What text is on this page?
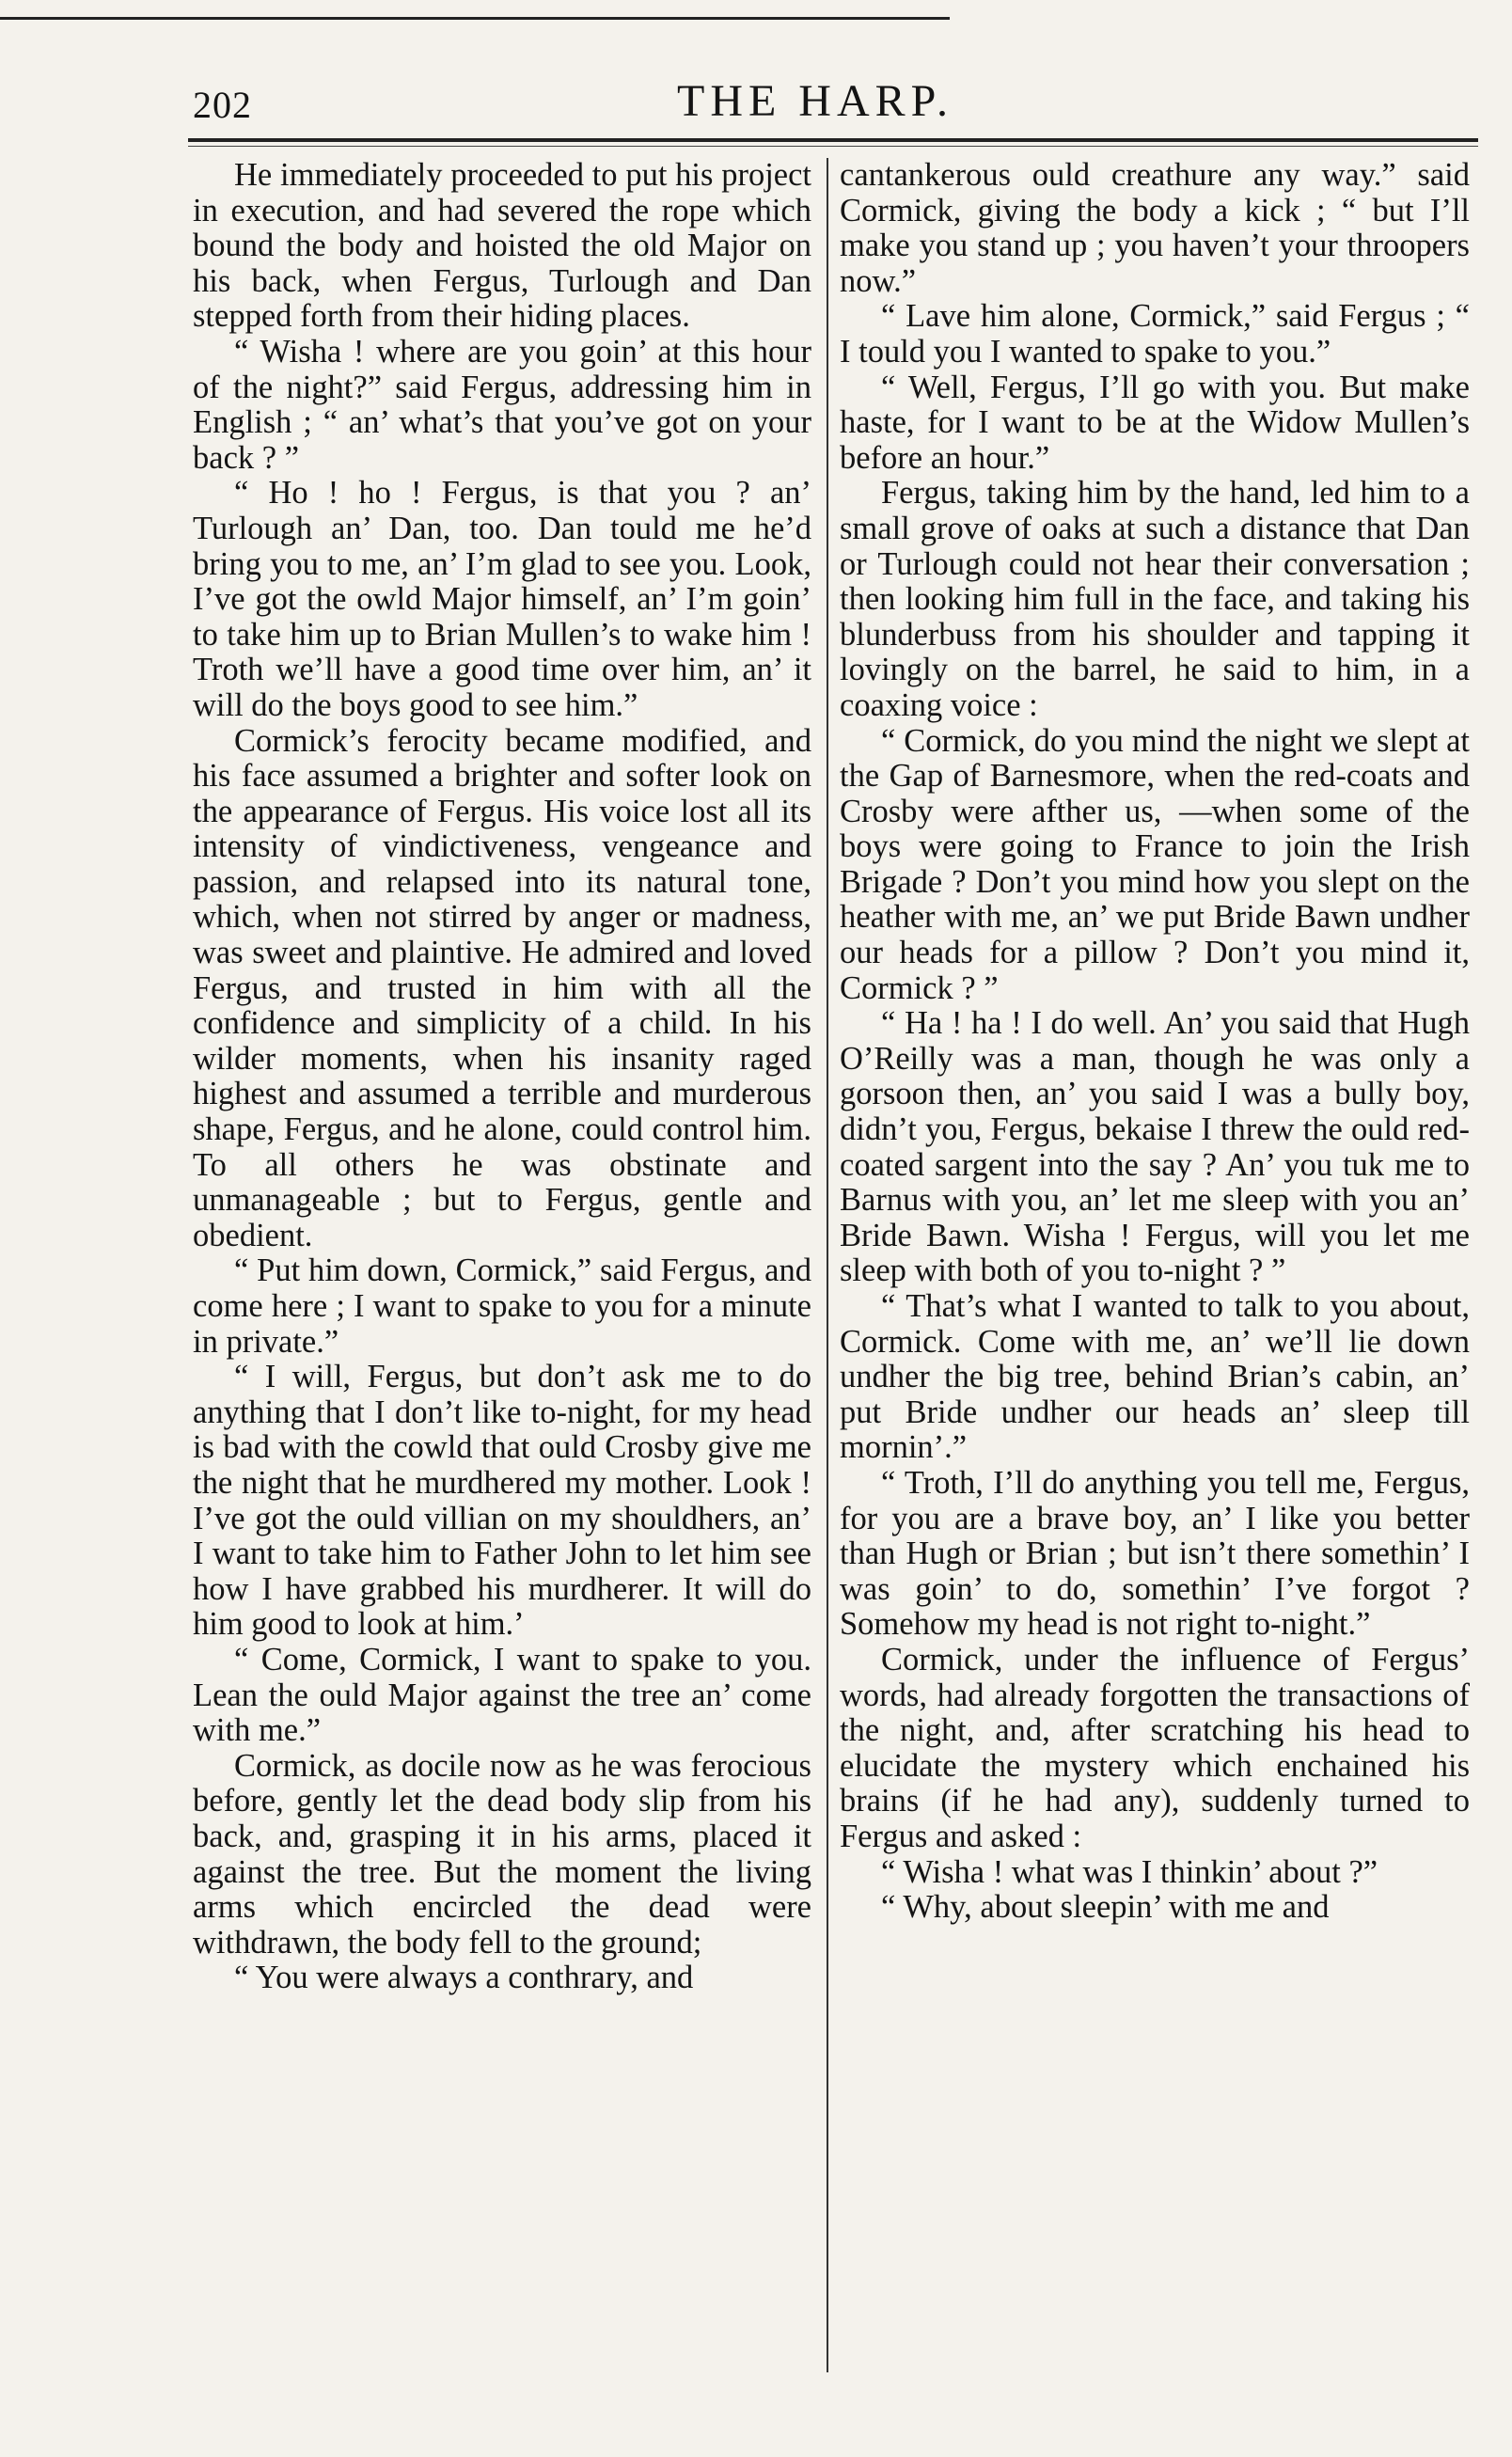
202	THE HARP.

He immediately proceeded to put his project in execution, and had severed the rope which bound the body and hoisted the old Major on his back, when Fergus, Turlough and Dan stepped forth from their hiding places.

“ Wisha ! where are you goin’ at this hour of the night?” said Fergus, addressing him in English ; “ an’ what’s that you’ve got on your back ? ”

“ Ho ! ho ! Fergus, is that you ? an’ Turlough an’ Dan, too. Dan tould me he’d bring you to me, an’ I’m glad to see you. Look, I’ve got the owld Major himself, an’ I’m goin’ to take him up to Brian Mullen’s to wake him ! Troth we’ll have a good time over him, an’ it will do the boys good to see him.”

Cormick’s ferocity became modified, and his face assumed a brighter and softer look on the appearance of Fergus. His voice lost all its intensity of vindictiveness, vengeance and passion, and relapsed into its natural tone, which, when not stirred by anger or madness, was sweet and plaintive. He admired and loved Fergus, and trusted in him with all the confidence and simplicity of a child. In his wilder moments, when his insanity raged highest and assumed a terrible and murderous shape, Fergus, and he alone, could control him. To all others he was obstinate and unmanageable ; but to Fergus, gentle and obedient.

“ Put him down, Cormick,” said Fergus, and come here ; I want to spake to you for a minute in private.”

“ I will, Fergus, but don’t ask me to do anything that I don’t like to-night, for my head is bad with the cowld that ould Crosby give me the night that he murdhered my mother. Look ! I’ve got the ould villian on my shouldhers, an’ I want to take him to Father John to let him see how I have grabbed his murdherer. It will do him good to look at him.’

“ Come, Cormick, I want to spake to you. Lean the ould Major against the tree an’ come with me.”

Cormick, as docile now as he was ferocious before, gently let the dead body slip from his back, and, grasping it in his arms, placed it against the tree. But the moment the living arms which encircled the dead were withdrawn, the body fell to the ground;

“ You were always a conthrary, and

cantankerous ould creathure any way.” said Cormick, giving the body a kick ; “ but I’ll make you stand up ; you haven’t your throopers now.”

“ Lave him alone, Cormick,” said Fergus ; “ I tould you I wanted to spake to you.”

“ Well, Fergus, I’ll go with you. But make haste, for I want to be at the Widow Mullen’s before an hour.”

Fergus, taking him by the hand, led him to a small grove of oaks at such a distance that Dan or Turlough could not hear their conversation ; then looking him full in the face, and taking his blunderbuss from his shoulder and tapping it lovingly on the barrel, he said to him, in a coaxing voice :

“ Cormick, do you mind the night we slept at the Gap of Barnesmore, when the red-coats and Crosby were afther us, —when some of the boys were going to France to join the Irish Brigade ? Don’t you mind how you slept on the heather with me, an’ we put Bride Bawn undher our heads for a pillow ? Don’t you mind it, Cormick ? ”

“ Ha ! ha ! I do well. An’ you said that Hugh O’Reilly was a man, though he was only a gorsoon then, an’ you said I was a bully boy, didn’t you, Fergus, bekaise I threw the ould red-coated sargent into the say ? An’ you tuk me to Barnus with you, an’ let me sleep with you an’ Bride Bawn. Wisha ! Fergus, will you let me sleep with both of you to-night ? ”

“ That’s what I wanted to talk to you about, Cormick. Come with me, an’ we’ll lie down undher the big tree, behind Brian’s cabin, an’ put Bride undher our heads an’ sleep till mornin’.”

“ Troth, I’ll do anything you tell me, Fergus, for you are a brave boy, an’ I like you better than Hugh or Brian ; but isn’t there somethin’ I was goin’ to do, somethin’ I’ve forgot ? Somehow my head is not right to-night.”

Cormick, under the influence of Fergus’ words, had already forgotten the transactions of the night, and, after scratching his head to elucidate the mystery which enchained his brains (if he had any), suddenly turned to Fergus and asked :

“ Wisha ! what was I thinkin’ about ?”

“ Why, about sleepin’ with me and
